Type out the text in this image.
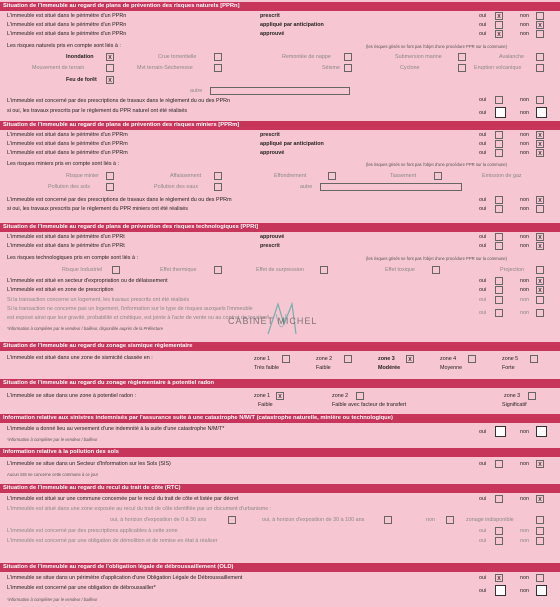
Situation de l'immeuble au regard de plans de prévention des risques naturels [PPRn]
L'immeuble est situé dans le périmètre d'un PPRn	prescrit	oui	x	non
L'immeuble est situé dans le périmètre d'un PPRn	appliqué par anticipation	oui	non	x
L'immeuble est situé dans le périmètre d'un PPRn	approuvé	oui	x	non
Les risques naturels pris en compte sont liés à :	(les risques grisés ne font pas l'objet d'une procédure PPR sur la commune)
Inondation	x	Crue torrentielle	Remontée de nappe	Submersion marine	Avalanche
Mouvement de terrain	Mvt terrain-Sécheresse	Séisme	Cyclone	Eruption volcanique
Feu de forêt	x
autre
L'immeuble est concerné par des prescriptions de travaux dans le règlement du ou des PPRn	oui	non
si oui, les travaux prescrits par le règlement du PPR naturel ont été réalisés	oui	non
Situation de l'immeuble au regard de plans de prévention des risques miniers [PPRm]
L'immeuble est situé dans le périmètre d'un PPRm	prescrit	oui	non	x
L'immeuble est situé dans le périmètre d'un PPRm	appliqué par anticipation	oui	non	x
L'immeuble est situé dans le périmètre d'un PPRm	approuvé	oui	non	x
Les risques miniers pris en compte sont liés à :	(les risques grisés ne font pas l'objet d'une procédure PPR sur la commune)
Risque minier	Affaissement	Effondrement	Tassement	Emission de gaz
Pollution des sols	Pollution des eaux	autre
L'immeuble est concerné par des prescriptions de travaux dans le règlement du ou des PPRm	oui	non	x
si oui, les travaux prescrits par le règlement du PPR miniers ont été réalisés	oui	non
Situation de l'immeuble au regard de plans de prévention des risques technologiques [PPRt]
L'immeuble est situé dans le périmètre d'un PPRt	approuvé	oui	non	x
L'immeuble est situé dans le périmètre d'un PPRt	prescrit	oui	non	x
Les risques technologiques pris en compte sont liés à :	(les risques grisés ne font pas l'objet d'une procédure PPR sur la commune)
Risque Industriel	Effet thermique	Effet de surpression	Effet toxique	Projection
L'immeuble est situé en secteur d'expropriation ou de délaissement	oui	non	x
L'immeuble est situé en zone de prescription	oui	non	x
Si la transaction concerne un logement, les travaux prescrits ont été réalisés	oui	non
Si la transaction ne concerne pas un logement, l'information sur le type de risques auxquels l'immeuble
est exposé ainsi que leur gravité, probabilité et cinétique, est jointe à l'acte de vente ou au contrat de location*
oui	non
*information à compléter par le vendeur / bailleur, disponible auprès de la Préfecture
Situation de l'immeuble au regard du zonage sismique règlementaire
L'immeuble est situé dans une zone de sismicité classée en :	zone 1	zone 2	zone 3	x	zone 4	zone 5
Très faible	Faible	Modérée	Moyenne	Forte
Situation de l'immeuble au regard du zonage règlementaire à potentiel radon
L'immeuble se situe dans une zone à potentiel radon :	zone 1	x	zone 2	zone 3
Faible	Faible avec facteur de transfert	Significatif
Information relative aux sinistres indemnisés par l'assurance suite à une catastrophe N/M/T (catastrophe naturelle, minière ou technologique)
L'immeuble a donné lieu au versement d'une indemnité à la suite d'une catastrophe N/M/T*	oui	non
*information à compléter par le vendeur / bailleur
Information relative à la pollution des sols
L'immeuble se situe dans un Secteur d'Information sur les Sols (SIS)	oui	non	x
Aucun SIS ne concerne cette commune à ce jour
Situation de l'immeuble au regard du recul du trait de côte (RTC)
L'immeuble est situé sur une commune concernée par le recul du trait de côte et listée par décret	oui	non	x
L'immeuble est situé dans une zone exposée au recul du trait de côte identifiée par un document d'urbanisme :
oui, à horizon d'exposition de 0 à 30 ans	oui, à horizon d'exposition de 30 à 100 ans	non	zonage indisponible
L'immeuble est concerné par des prescriptions applicables à cette zone	oui	non
L'immeuble est concerné par une obligation de démolition et de remise en état à réaliser	oui	non
Situation de l'immeuble au regard de l'obligation légale de débroussaillement (OLD)
L'immeuble se situe dans un périmètre d'application d'une Obligation Légale de Débroussaillement	oui	x	non
L'immeuble est concerné par une obligation de débroussailler*	oui	non
*information à compléter par le vendeur / bailleur
CABINET MICHEL
